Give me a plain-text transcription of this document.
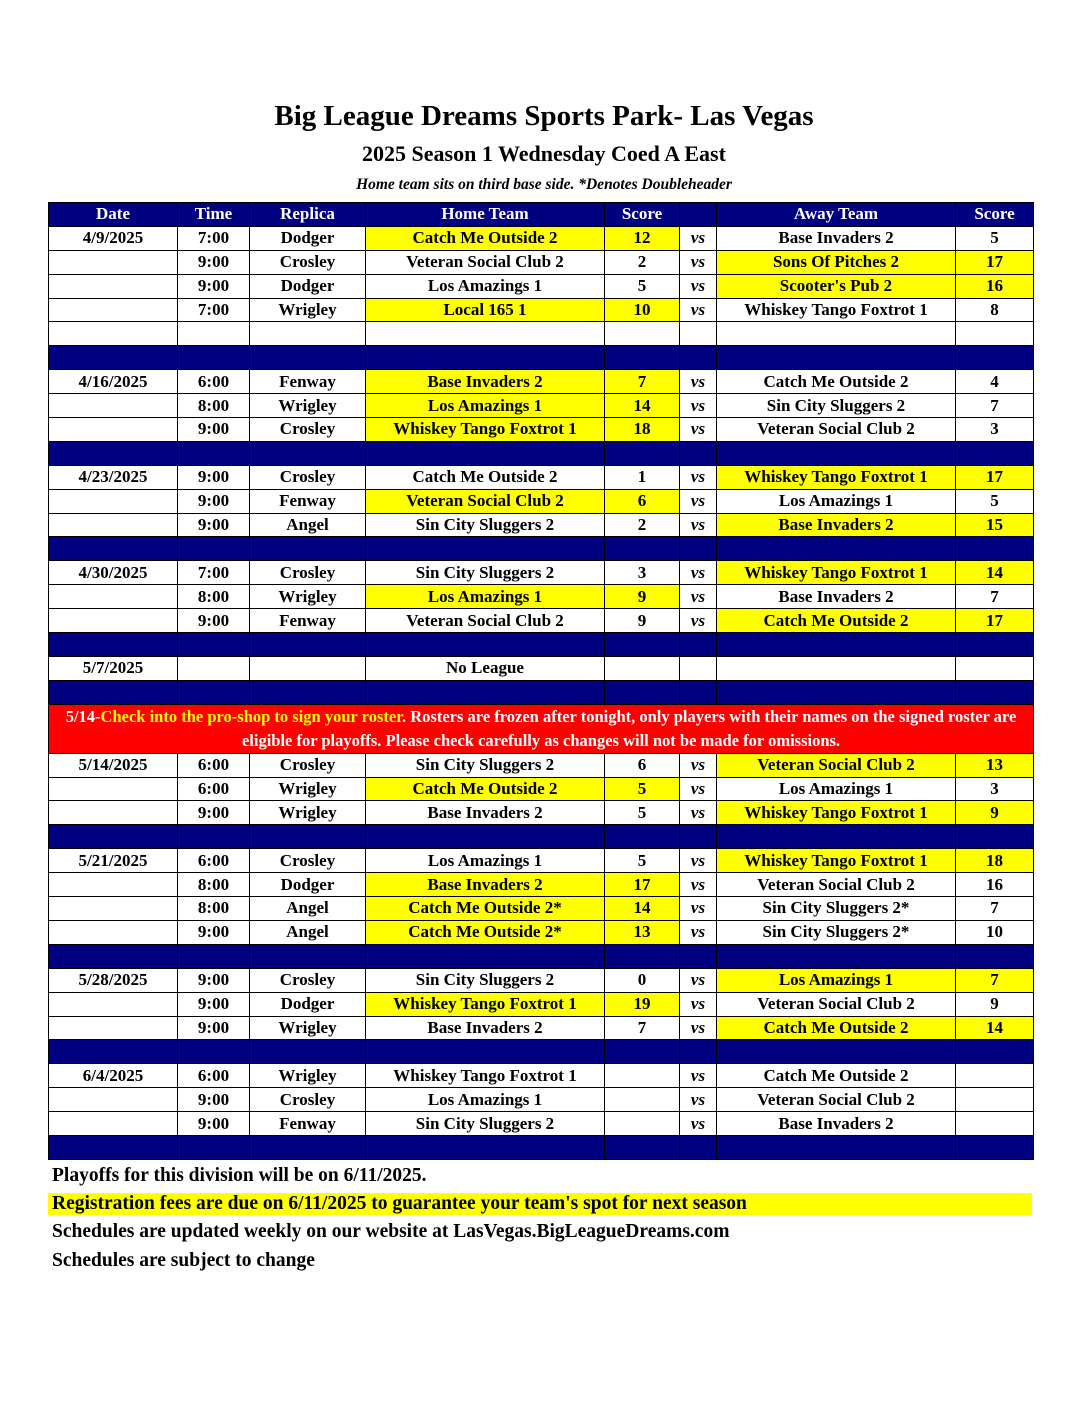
Big League Dreams Sports Park- Las Vegas
2025 Season 1 Wednesday Coed A East
Home team sits on third base side. *Denotes Doubleheader
Date	Time	Replica	Home Team	Score		Away Team	Score
4/9/2025	7:00	Dodger	Catch Me Outside 2	12	vs	Base Invaders 2	5
	9:00	Crosley	Veteran Social Club 2	2	vs	Sons Of Pitches 2	17
	9:00	Dodger	Los Amazings 1	5	vs	Scooter's Pub 2	16
	7:00	Wrigley	Local 165 1	10	vs	Whiskey Tango Foxtrot 1	8

4/16/2025	6:00	Fenway	Base Invaders 2	7	vs	Catch Me Outside 2	4
	8:00	Wrigley	Los Amazings 1	14	vs	Sin City Sluggers 2	7
	9:00	Crosley	Whiskey Tango Foxtrot 1	18	vs	Veteran Social Club 2	3

4/23/2025	9:00	Crosley	Catch Me Outside 2	1	vs	Whiskey Tango Foxtrot 1	17
	9:00	Fenway	Veteran Social Club 2	6	vs	Los Amazings 1	5
	9:00	Angel	Sin City Sluggers 2	2	vs	Base Invaders 2	15

4/30/2025	7:00	Crosley	Sin City Sluggers 2	3	vs	Whiskey Tango Foxtrot 1	14
	8:00	Wrigley	Los Amazings 1	9	vs	Base Invaders 2	7
	9:00	Fenway	Veteran Social Club 2	9	vs	Catch Me Outside 2	17

5/7/2025			No League				

5/14-Check into the pro-shop to sign your roster. Rosters are frozen after tonight, only players with their names on the signed roster are eligible for playoffs. Please check carefully as changes will not be made for omissions.							
5/14/2025	6:00	Crosley	Sin City Sluggers 2	6	vs	Veteran Social Club 2	13
	6:00	Wrigley	Catch Me Outside 2	5	vs	Los Amazings 1	3
	9:00	Wrigley	Base Invaders 2	5	vs	Whiskey Tango Foxtrot 1	9

5/21/2025	6:00	Crosley	Los Amazings 1	5	vs	Whiskey Tango Foxtrot 1	18
	8:00	Dodger	Base Invaders 2	17	vs	Veteran Social Club 2	16
	8:00	Angel	Catch Me Outside 2*	14	vs	Sin City Sluggers 2*	7
	9:00	Angel	Catch Me Outside 2*	13	vs	Sin City Sluggers 2*	10

5/28/2025	9:00	Crosley	Sin City Sluggers 2	0	vs	Los Amazings 1	7
	9:00	Dodger	Whiskey Tango Foxtrot 1	19	vs	Veteran Social Club 2	9
	9:00	Wrigley	Base Invaders 2	7	vs	Catch Me Outside 2	14

6/4/2025	6:00	Wrigley	Whiskey Tango Foxtrot 1		vs	Catch Me Outside 2	
	9:00	Crosley	Los Amazings 1		vs	Veteran Social Club 2	
	9:00	Fenway	Sin City Sluggers 2		vs	Base Invaders 2	

Playoffs for this division will be on 6/11/2025.
Registration fees are due on 6/11/2025 to guarantee your team's spot for next season
Schedules are updated weekly on our website at LasVegas.BigLeagueDreams.com
Schedules are subject to change
